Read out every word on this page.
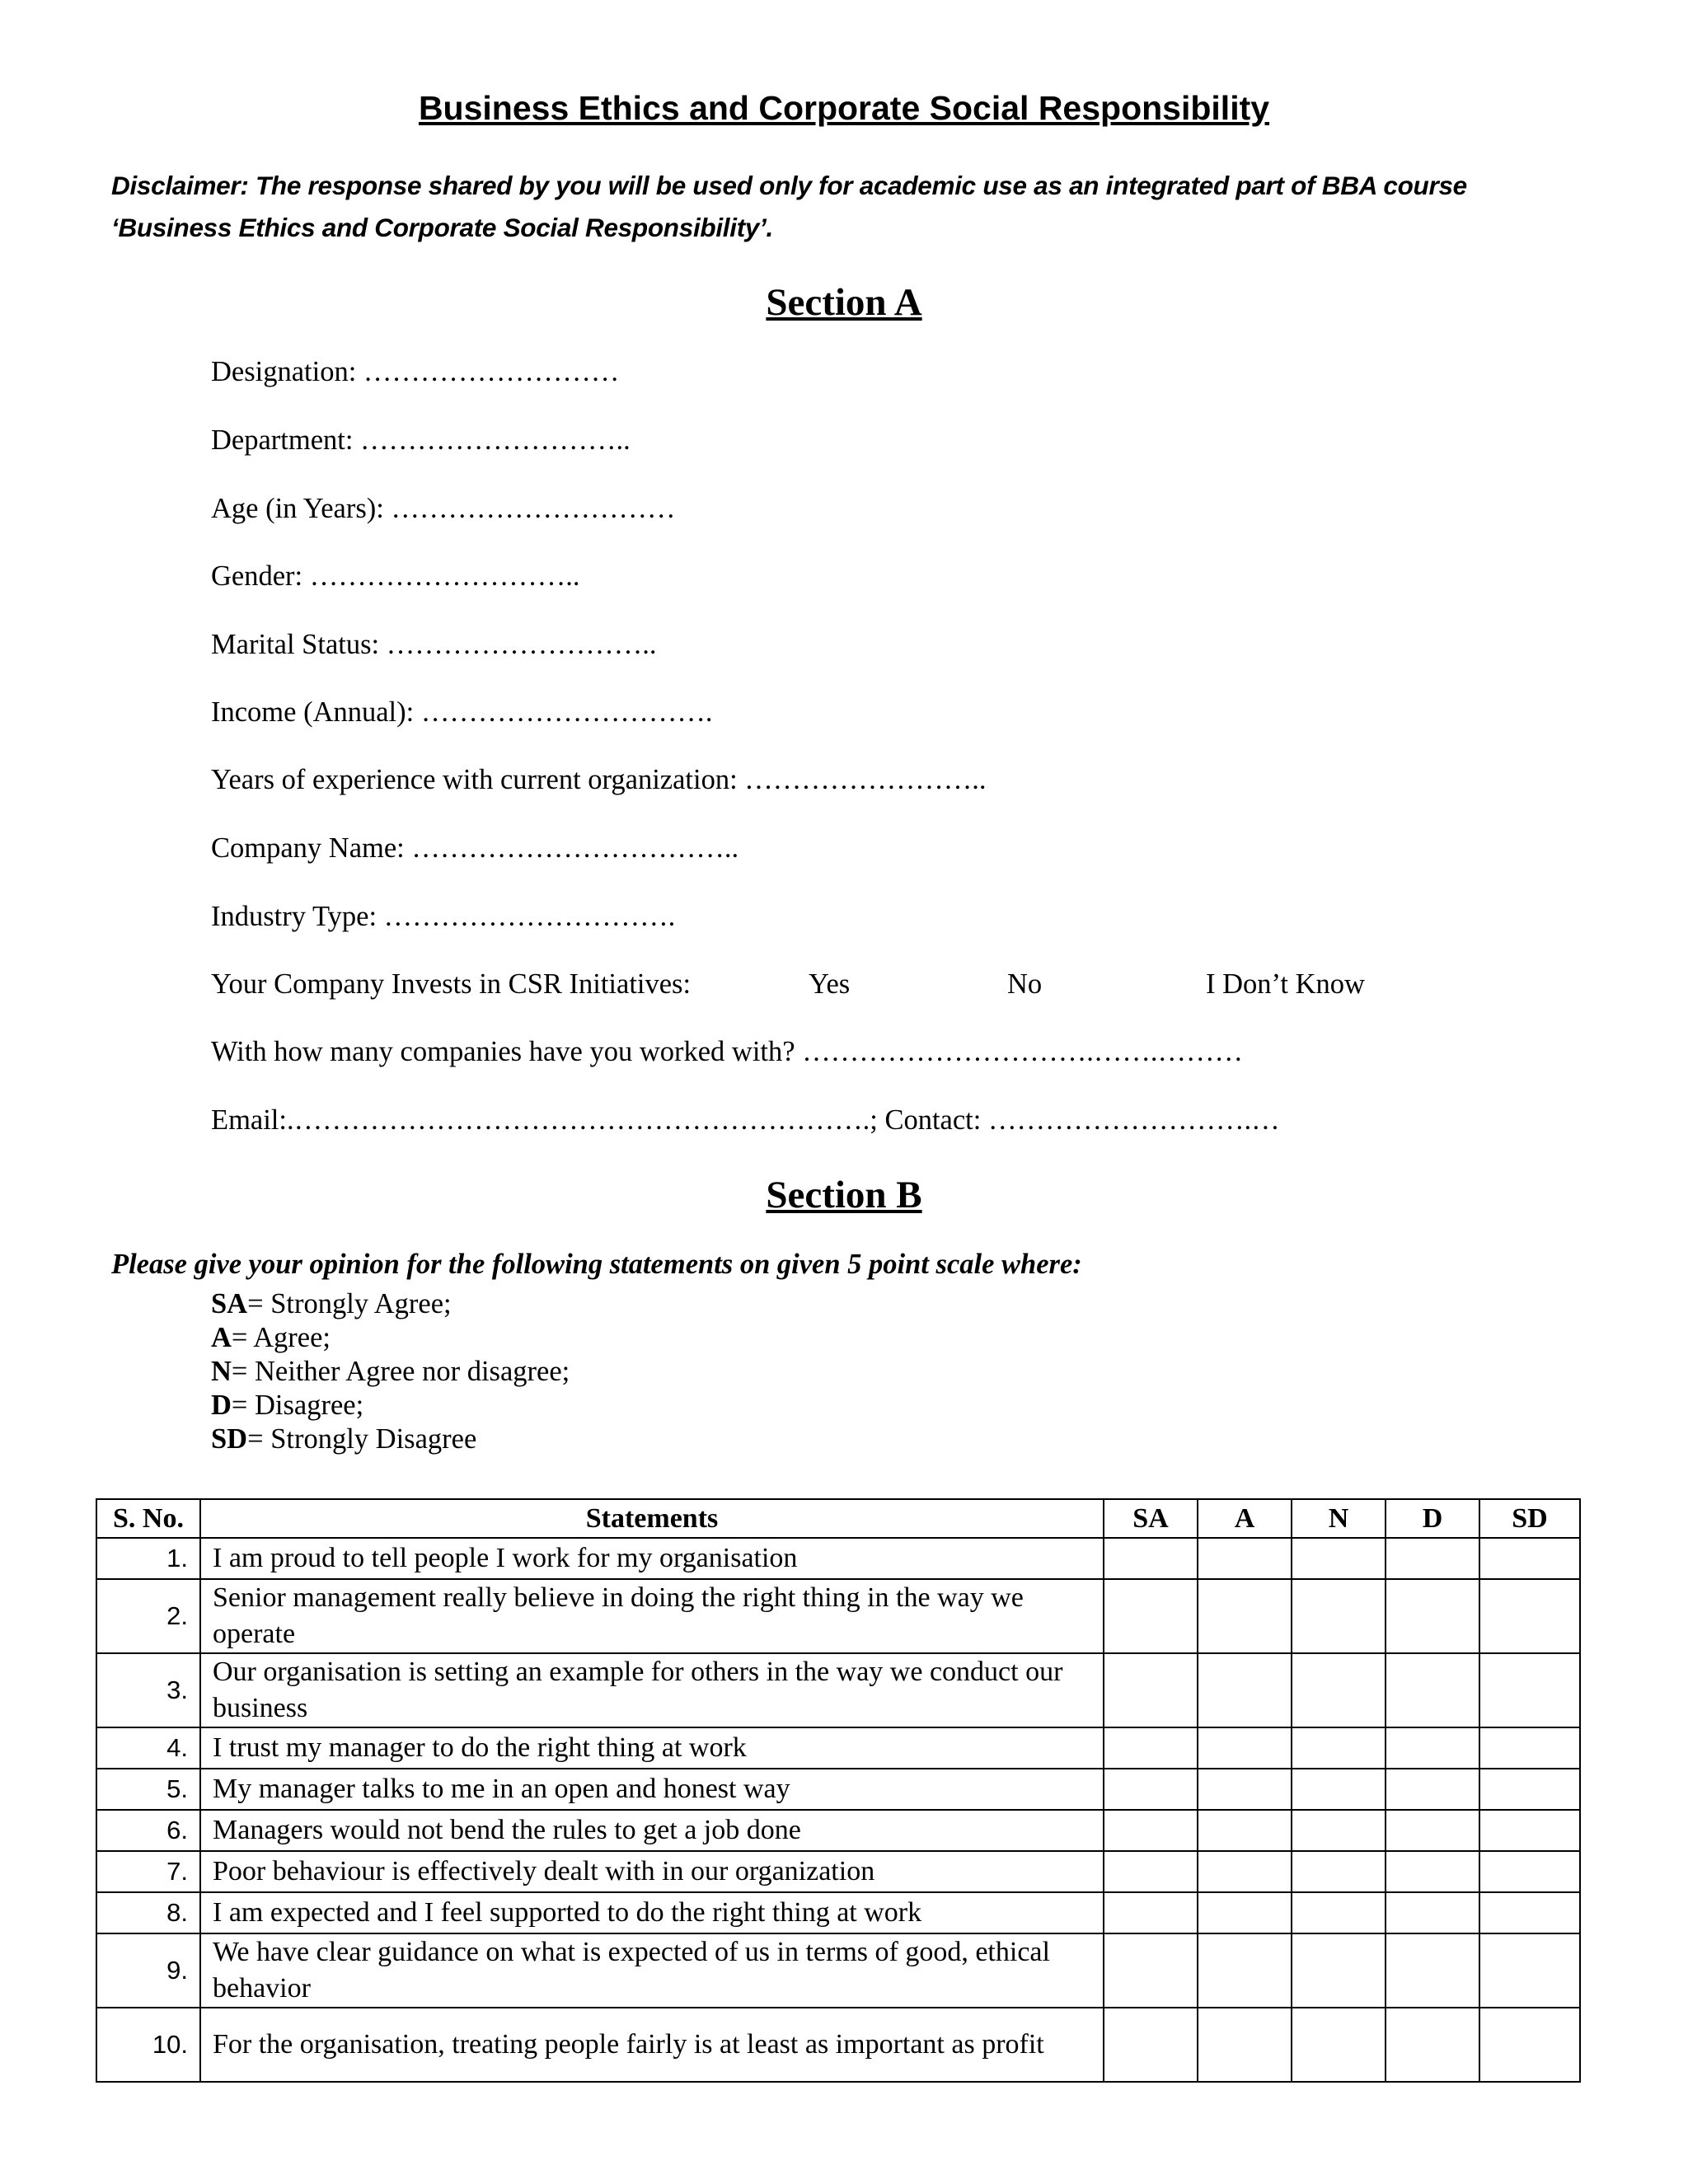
Business Ethics and Corporate Social Responsibility
Disclaimer: The response shared by you will be used only for academic use as an integrated part of BBA course
‘Business Ethics and Corporate Social Responsibility’.
Section A
Designation: ………………………
Department: ………………………..
Age (in Years): …………………………
Gender: ………………………..
Marital Status: ………………………..
Income (Annual): ………………………….
Years of experience with current organization: ……………………..
Company Name: ……………………………..
Industry Type: ………………………….
Your Company Invests in CSR Initiatives:	Yes	No	I Don’t Know
With how many companies have you worked with? ………………………….…….………
Email:.…………………………………………………….; Contact: ……………………….…
Section B
Please give your opinion for the following statements on given 5 point scale where:
SA= Strongly Agree;
A= Agree;
N= Neither Agree nor disagree;
D= Disagree;
SD= Strongly Disagree
S. No.	Statements	SA	A	N	D	SD
1.	I am proud to tell people I work for my organisation					
2.	Senior management really believe in doing the right thing in the way we operate					
3.	Our organisation is setting an example for others in the way we conduct our business					
4.	I trust my manager to do the right thing at work					
5.	My manager talks to me in an open and honest way					
6.	Managers would not bend the rules to get a job done					
7.	Poor behaviour is effectively dealt with in our organization					
8.	I am expected and I feel supported to do the right thing at work					
9.	We have clear guidance on what is expected of us in terms of good, ethical behavior					
10.	For the organisation, treating people fairly is at least as important as profit					
